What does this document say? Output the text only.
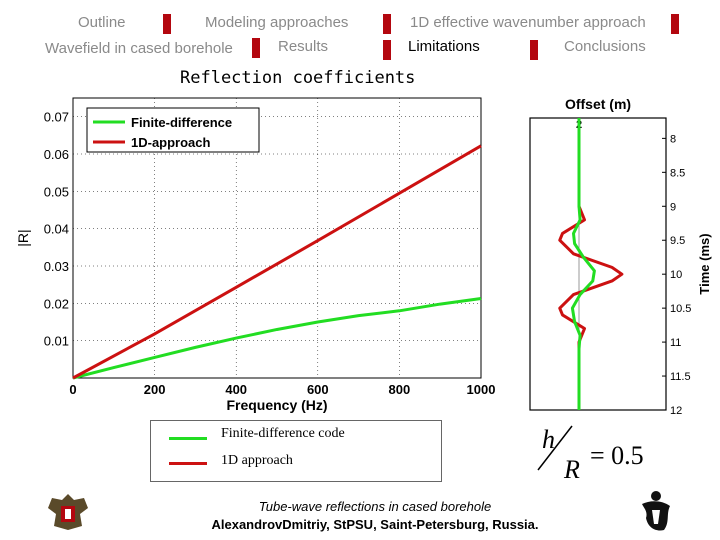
Outline	Modeling approaches	1D effective wavenumber approach
Wavefield in cased borehole	Results	Limitations	Conclusions
Reflection coefficients
0	200	400	600	800	1000
0.01
0.02
0.03
0.04
0.05
0.06
0.07
Frequency (Hz)
|R|
Finite-difference
1D-approach
Offset (m)
2
8
8.5
9
9.5
10
10.5
11
11.5
12
Time (ms)
Finite-difference code
1D approach
h
R = 0.5
Tube-wave reflections in cased borehole
AlexandrovDmitriy, StPSU, Saint-Petersburg, Russia.
